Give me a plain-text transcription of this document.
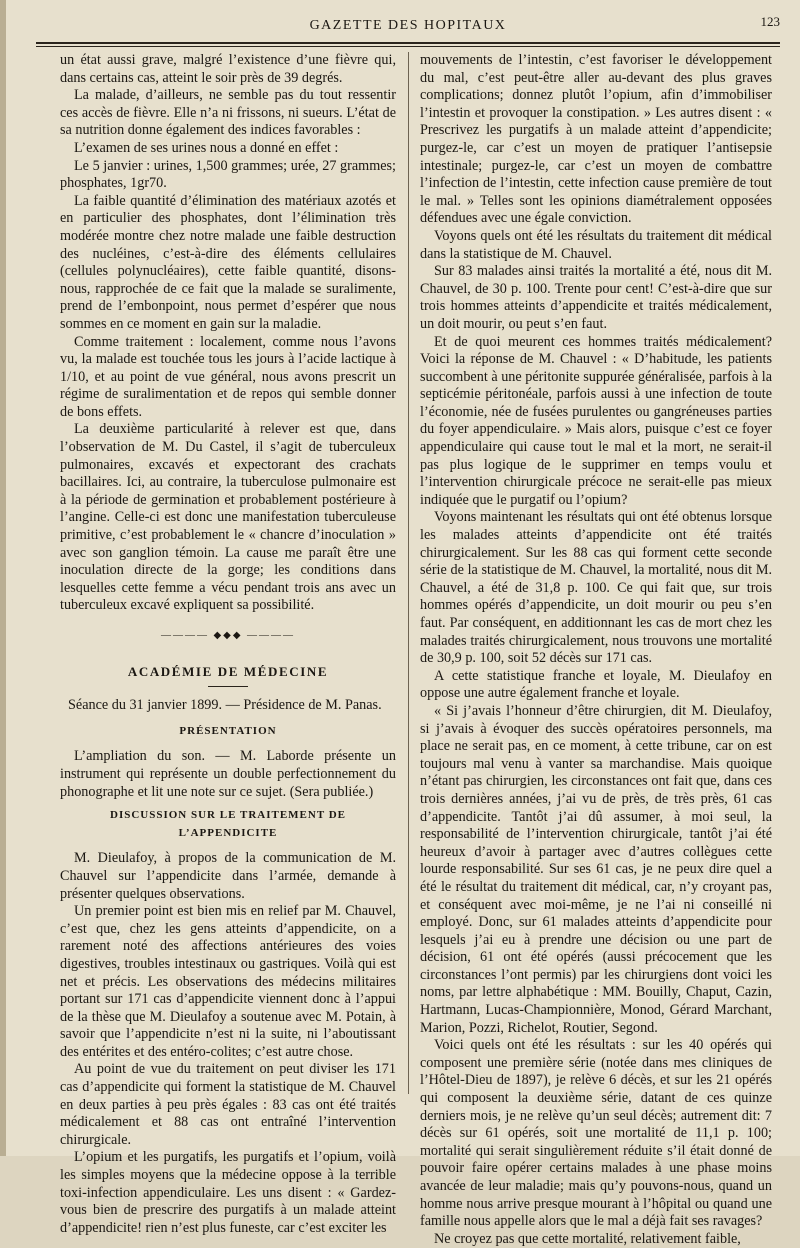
GAZETTE DES HOPITAUX	123

un état aussi grave, malgré l’existence d’une fièvre qui, dans certains cas, atteint le soir près de 39 degrés.

La malade, d’ailleurs, ne semble pas du tout ressentir ces accès de fièvre. Elle n’a ni frissons, ni sueurs. L’état de sa nutrition donne également des indices favorables :

L’examen de ses urines nous a donné en effet :

Le 5 janvier : urines, 1,500 grammes; urée, 27 grammes; phosphates, 1gr70.

La faible quantité d’élimination des matériaux azotés et en particulier des phosphates, dont l’élimination très modérée montre chez notre malade une faible destruction des nucléines, c’est-à-dire des éléments cellulaires (cellules polynucléaires), cette faible quantité, disons-nous, rapprochée de ce fait que la malade se suralimente, prend de l’embonpoint, nous permet d’espérer que nous sommes en ce moment en gain sur la maladie.

Comme traitement : localement, comme nous l’avons vu, la malade est touchée tous les jours à l’acide lactique à 1/10, et au point de vue général, nous avons prescrit un régime de suralimentation et de repos qui semble donner de bons effets.

La deuxième particularité à relever est que, dans l’observation de M. Du Castel, il s’agit de tuberculeux pulmonaires, excavés et expectorant des crachats bacillaires. Ici, au contraire, la tuberculose pulmonaire est à la période de germination et probablement postérieure à l’angine. Celle-ci est donc une manifestation tuberculeuse primitive, c’est probablement le « chancre d’inoculation » avec son ganglion témoin. La cause me paraît être une inoculation directe de la gorge; les conditions dans lesquelles cette femme a vécu pendant trois ans avec un tuberculeux excavé expliquent sa possibilité.

———— ◆◆◆ ————
ACADÉMIE DE MÉDECINE

Séance du 31 janvier 1899. — Présidence de M. Panas.

PRÉSENTATION

L’ampliation du son. — M. Laborde présente un instrument qui représente un double perfectionnement du phonographe et lit une note sur ce sujet. (Sera publiée.)

DISCUSSION SUR LE TRAITEMENT DE L’APPENDICITE

M. Dieulafoy, à propos de la communication de M. Chauvel sur l’appendicite dans l’armée, demande à présenter quelques observations.

Un premier point est bien mis en relief par M. Chauvel, c’est que, chez les gens atteints d’appendicite, on a rarement noté des affections antérieures des voies digestives, troubles intestinaux ou gastriques. Voilà qui est net et précis. Les observations des médecins militaires portant sur 171 cas d’appendicite viennent donc à l’appui de la thèse que M. Dieulafoy a soutenue avec M. Potain, à savoir que l’appendicite n’est ni la suite, ni l’aboutissant des entérites et des entéro-colites; c’est autre chose.

Au point de vue du traitement on peut diviser les 171 cas d’appendicite qui forment la statistique de M. Chauvel en deux parties à peu près égales : 83 cas ont été traités médicalement et 88 cas ont entraîné l’intervention chirurgicale.

L’opium et les purgatifs, les purgatifs et l’opium, voilà les simples moyens que la médecine oppose à la terrible toxi-infection appendiculaire. Les uns disent : « Gardez-vous bien de prescrire des purgatifs à un malade atteint d’appendicite! rien n’est plus funeste, car c’est exciter les

mouvements de l’intestin, c’est favoriser le développement du mal, c’est peut-être aller au-devant des plus graves complications; donnez plutôt l’opium, afin d’immobiliser l’intestin et provoquer la constipation. » Les autres disent : « Prescrivez les purgatifs à un malade atteint d’appendicite; purgez-le, car c’est un moyen de pratiquer l’antisepsie intestinale; purgez-le, car c’est un moyen de combattre l’infection de l’intestin, cette infection cause première de tout le mal. » Telles sont les opinions diamétralement opposées défendues avec une égale conviction.

Voyons quels ont été les résultats du traitement dit médical dans la statistique de M. Chauvel.

Sur 83 malades ainsi traités la mortalité a été, nous dit M. Chauvel, de 30 p. 100. Trente pour cent! C’est-à-dire que sur trois hommes atteints d’appendicite et traités médicalement, un doit mourir, ou peut s’en faut.

Et de quoi meurent ces hommes traités médicalement? Voici la réponse de M. Chauvel : « D’habitude, les patients succombent à une péritonite suppurée généralisée, parfois à la septicémie péritonéale, parfois aussi à une infection de toute l’économie, née de fusées purulentes ou gangréneuses parties du foyer appendiculaire. » Mais alors, puisque c’est ce foyer appendiculaire qui cause tout le mal et la mort, ne serait-il pas plus logique de le supprimer en temps voulu et l’intervention chirurgicale précoce ne serait-elle pas mieux indiquée que le purgatif ou l’opium?

Voyons maintenant les résultats qui ont été obtenus lorsque les malades atteints d’appendicite ont été traités chirurgicalement. Sur les 88 cas qui forment cette seconde série de la statistique de M. Chauvel, la mortalité, nous dit M. Chauvel, a été de 31,8 p. 100. Ce qui fait que, sur trois hommes opérés d’appendicite, un doit mourir ou peu s’en faut. Par conséquent, en additionnant les cas de mort chez les malades traités chirurgicalement, nous trouvons une mortalité de 30,9 p. 100, soit 52 décès sur 171 cas.

A cette statistique franche et loyale, M. Dieulafoy en oppose une autre également franche et loyale.

« Si j’avais l’honneur d’être chirurgien, dit M. Dieulafoy, si j’avais à évoquer des succès opératoires personnels, ma place ne serait pas, en ce moment, à cette tribune, car on est toujours mal venu à vanter sa marchandise. Mais quoique n’étant pas chirurgien, les circonstances ont fait que, dans ces trois dernières années, j’ai vu de près, de très près, 61 cas d’appendicite. Tantôt j’ai dû assumer, à moi seul, la responsabilité de l’intervention chirurgicale, tantôt j’ai été heureux d’avoir à partager avec d’autres collègues cette lourde responsabilité. Sur ses 61 cas, je ne peux dire quel a été le résultat du traitement dit médical, car, n’y croyant pas, et conséquent avec moi-même, je ne l’ai ni conseillé ni employé. Donc, sur 61 malades atteints d’appendicite pour lesquels j’ai eu à prendre une décision ou une part de décision, 61 ont été opérés (aussi précocement que les circonstances l’ont permis) par les chirurgiens dont voici les noms, par lettre alphabétique : MM. Bouilly, Chaput, Cazin, Hartmann, Lucas-Championnière, Monod, Gérard Marchant, Marion, Pozzi, Richelot, Routier, Segond.

Voici quels ont été les résultats : sur les 40 opérés qui composent une première série (notée dans mes cliniques de l’Hôtel-Dieu de 1897), je relève 6 décès, et sur les 21 opérés qui composent la deuxième série, datant de ces quinze derniers mois, je ne relève qu’un seul décès; autrement dit: 7 décès sur 61 opérés, soit une mortalité de 11,1 p. 100; mortalité qui serait singulièrement réduite s’il était donné de pouvoir faire opérer certains malades à une phase moins avancée de leur maladie; mais qu’y pouvons-nous, quand un homme nous arrive presque mourant à l’hôpital ou quand une famille nous appelle alors que le mal a déjà fait ses ravages?

Ne croyez pas que cette mortalité, relativement faible,
